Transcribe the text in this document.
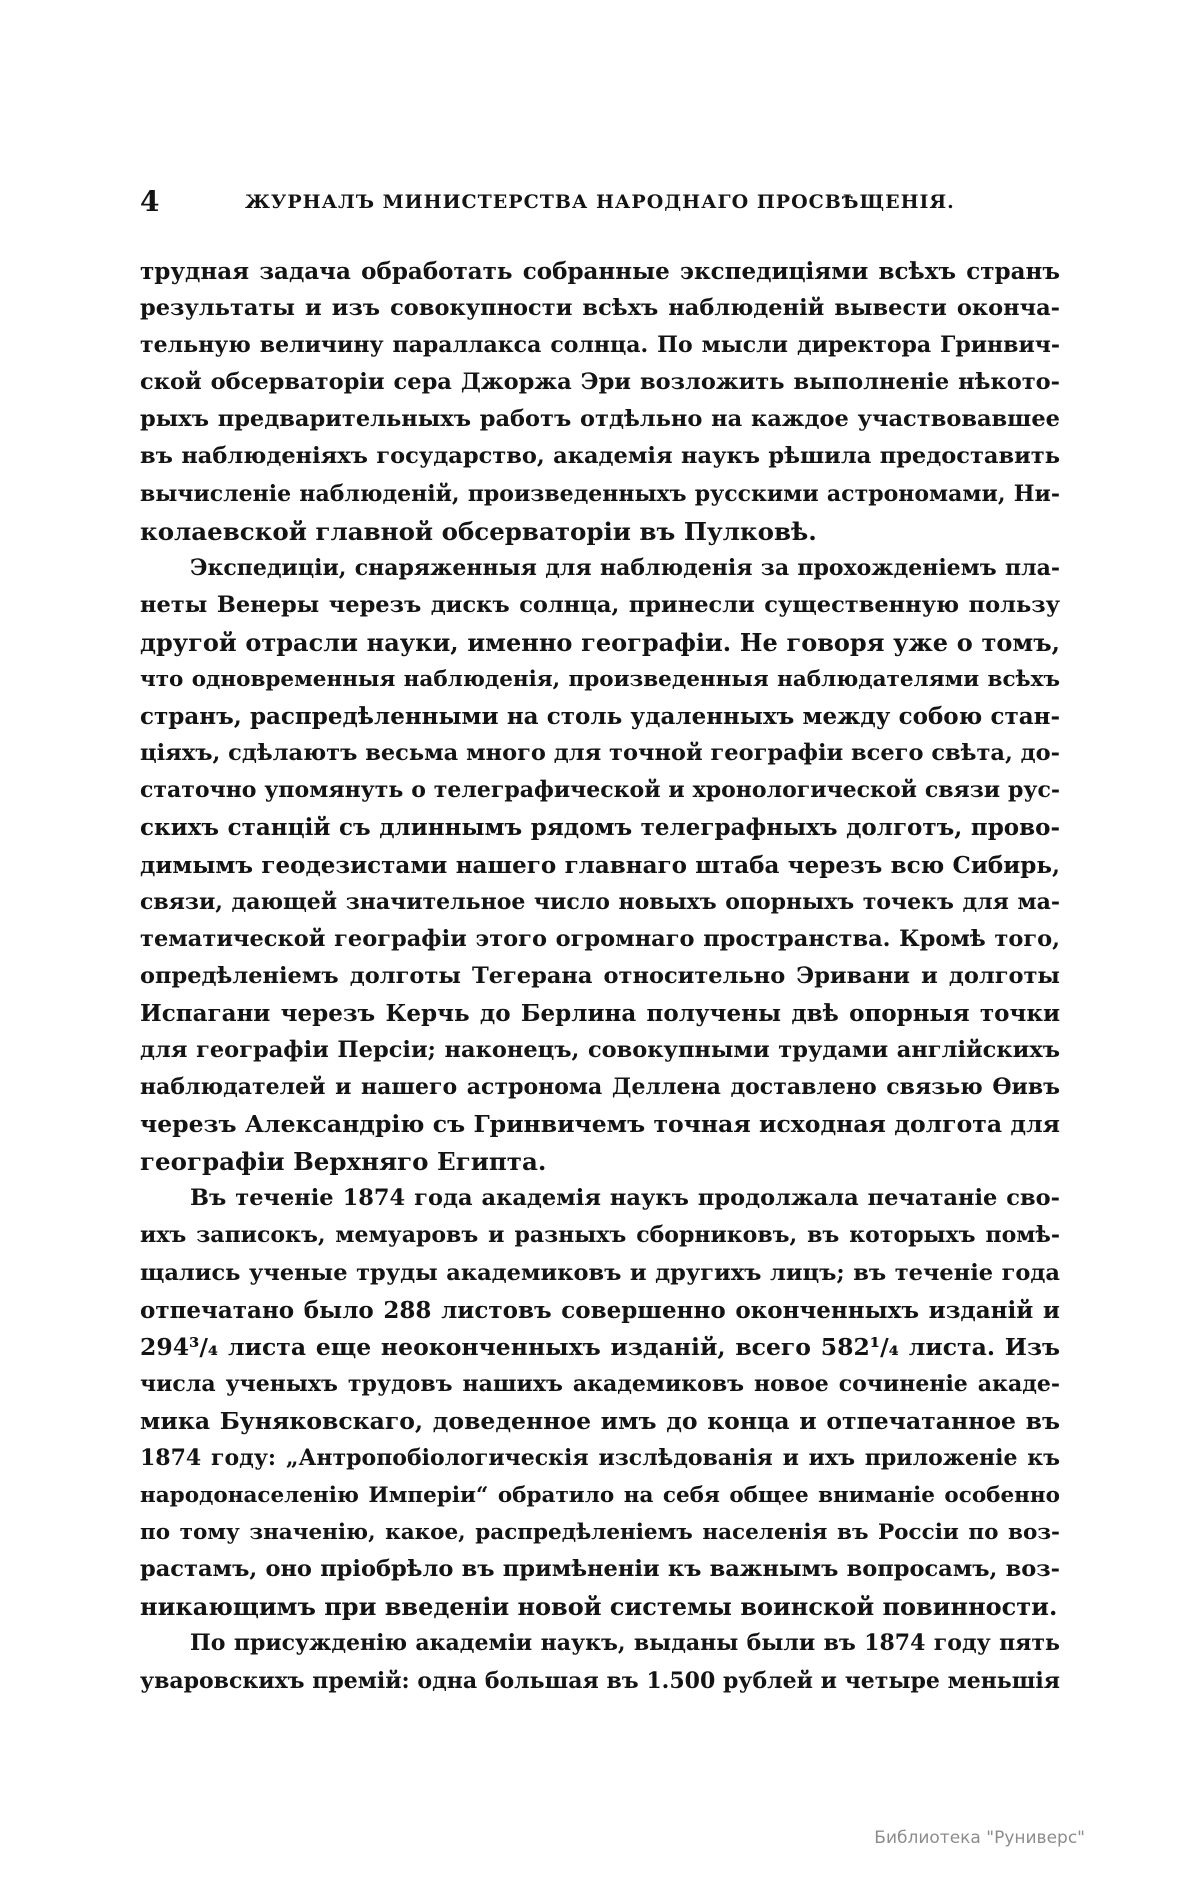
4	ЖУРНАЛЪ МИНИСТЕРСТВА НАРОДНАГО ПРОСВѢЩЕНІЯ.
трудная задача обработать собранные экспедиціями всѣхъ странъ
результаты и изъ совокупности всѣхъ наблюденій вывести оконча-
тельную величину параллакса солнца. По мысли директора Гринвич-
ской обсерваторіи сера Джоржа Эри возложить выполненіе нѣкото-
рыхъ предварительныхъ работъ отдѣльно на каждое участвовавшее
въ наблюденіяхъ государство, академія наукъ рѣшила предоставить
вычисленіе наблюденій, произведенныхъ русскими астрономами, Ни-
колаевской главной обсерваторіи въ Пулковѣ.
Экспедиціи, снаряженныя для наблюденія за прохожденіемъ пла-
неты Венеры черезъ дискъ солнца, принесли существенную пользу
другой отрасли науки, именно географіи. Не говоря уже о томъ,
что одновременныя наблюденія, произведенныя наблюдателями всѣхъ
странъ, распредѣленными на столь удаленныхъ между собою стан-
ціяхъ, сдѣлаютъ весьма много для точной географіи всего свѣта, до-
статочно упомянуть о телеграфической и хронологической связи рус-
скихъ станцій съ длиннымъ рядомъ телеграфныхъ долготъ, прово-
димымъ геодезистами нашего главнаго штаба черезъ всю Сибирь,
связи, дающей значительное число новыхъ опорныхъ точекъ для ма-
тематической географіи этого огромнаго пространства. Кромѣ того,
опредѣленіемъ долготы Тегерана относительно Эривани и долготы
Испагани черезъ Керчь до Берлина получены двѣ опорныя точки
для географіи Персіи; наконецъ, совокупными трудами англійскихъ
наблюдателей и нашего астронома Деллена доставлено связью Ѳивъ
черезъ Александрію съ Гринвичемъ точная исходная долгота для
географіи Верхняго Египта.
Въ теченіе 1874 года академія наукъ продолжала печатаніе сво-
ихъ записокъ, мемуаровъ и разныхъ сборниковъ, въ которыхъ помѣ-
щались ученые труды академиковъ и другихъ лицъ; въ теченіе года
отпечатано было 288 листовъ совершенно оконченныхъ изданій и
294³/₄ листа еще неоконченныхъ изданій, всего 582¹/₄ листа. Изъ
числа ученыхъ трудовъ нашихъ академиковъ новое сочиненіе акаде-
мика Буняковскаго, доведенное имъ до конца и отпечатанное въ
1874 году: „Антропобіологическія изслѣдованія и ихъ приложеніе къ
народонаселенію Имперіи“ обратило на себя общее вниманіе особенно
по тому значенію, какое, распредѣленіемъ населенія въ Россіи по воз-
растамъ, оно пріобрѣло въ примѣненіи къ важнымъ вопросамъ, воз-
никающимъ при введеніи новой системы воинской повинности.
По присужденію академіи наукъ, выданы были въ 1874 году пять
уваровскихъ премій: одна большая въ 1.500 рублей и четыре меньшія
Библиотека "Руниверс"
